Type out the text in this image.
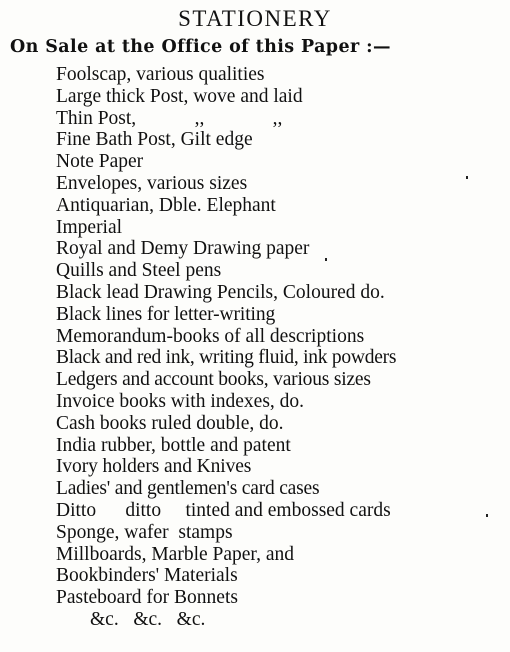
STATIONERY
On Sale at the Office of this Paper :—
Foolscap, various qualities
Large thick Post, wove and laid
Thin Post,            ,,              ,,
Fine Bath Post, Gilt edge
Note Paper
Envelopes, various sizes
Antiquarian, Dble. Elephant
Imperial
Royal and Demy Drawing paper
Quills and Steel pens
Black lead Drawing Pencils, Coloured do.
Black lines for letter-writing
Memorandum-books of all descriptions
Black and red ink, writing fluid, ink powders
Ledgers and account books, various sizes
Invoice books with indexes, do.
Cash books ruled double, do.
India rubber, bottle and patent
Ivory holders and Knives
Ladies' and gentlemen's card cases
Ditto      ditto     tinted and embossed cards
Sponge, wafer  stamps
Millboards, Marble Paper, and
Bookbinders' Materials
Pasteboard for Bonnets
&c.   &c.   &c.
